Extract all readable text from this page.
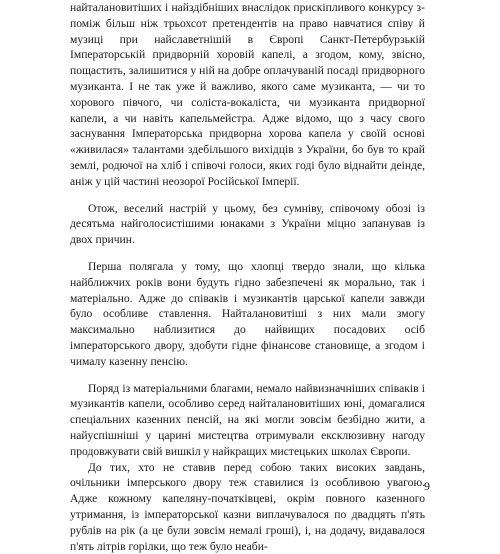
найталановитіших і найздібніших внаслідок прискіпливого конкурсу з-поміж більш ніж трьохсот претендентів на право навчатися співу й музиці при найславетнішій в Європі Санкт-Петербурзькій Імператорській придворній хоровій капелі, а згодом, кому, звісно, пощастить, залишитися у ній на добре оплачуваній посаді придворного музиканта. І не так уже й важливо, якого саме музиканта, — чи то хорового півчого, чи соліста-вокаліста, чи музиканта придворної капели, а чи навіть капельмейстра. Адже відомо, що з часу свого заснування Імператорська придворна хорова капела у своїй основі «живилася» талантами здебільшого вихідців з України, бо був то край землі, родючої на хліб і співочі голоси, яких годі було віднайти деінде, аніж у цій частині неозорої Російської Імперії.

Отож, веселий настрій у цьому, без сумніву, співочому обозі із десятьма найголосистішими юнаками з України міцно запанував із двох причин.

Перша полягала у тому, що хлопці твердо знали, що кілька найближчих років вони будуть гідно забезпечені як морально, так і матеріально. Адже до співаків і музикантів царської капели завжди було особливе ставлення. Найталановитіші з них мали змогу максимально наблизитися до найвищих посадових осіб імператорського двору, здобути гідне фінансове становище, а згодом і чималу казенну пенсію.

Поряд із матеріальними благами, немало найвизначніших співаків і музикантів капели, особливо серед найталановитіших юні, домагалися спеціальних казенних пенсій, на які могли зовсім безбідно жити, а найуспішніші у царині мистецтва отримували ексклюзивну нагоду продовжувати свій вишкіл у найкращих мистецьких школах Європи.

До тих, хто не ставив перед собою таких високих завдань, очільники імперського двору теж ставилися із особливою увагою. Адже кожному капеляну-початківцеві, окрім повного казенного утримання, із імператорської казни виплачувалося по двадцять п'ять рублів на рік (а це були зовсім немалі гроші), і, на додачу, видавалося п'ять літрів горілки, що теж було неаби-

9
